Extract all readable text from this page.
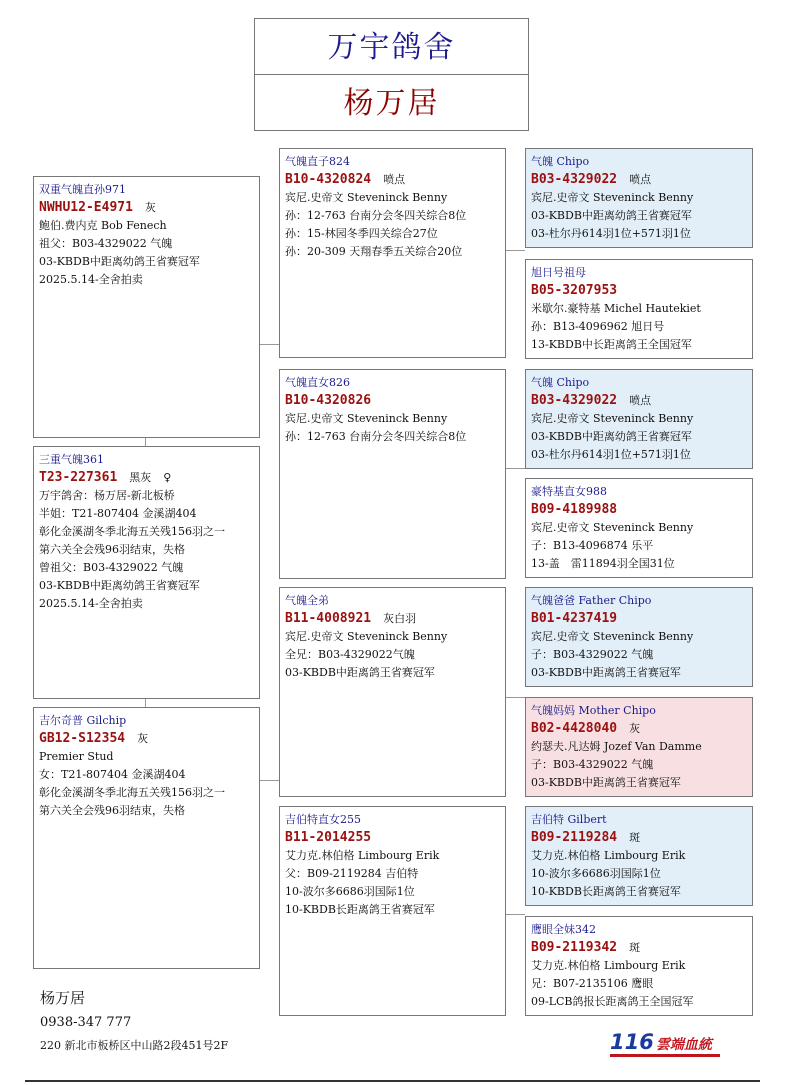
万宇鸽舍
杨万居
双重气魄直孙971
NWHU12-E4971 灰
鲍伯.费内克 Bob Fenech
祖父：B03-4329022 气魄
03-KBDB中距离幼鸽王省赛冠军
2025.5.14-全舍拍卖
三重气魄361
T23-227361 黑灰 ♀
万宇鸽舍：杨万居-新北板桥
半姐：T21-807404 金溪湖404
彰化金溪湖冬季北海五关残156羽之一
第六关全会残96羽结束，失格
曾祖父：B03-4329022 气魄
03-KBDB中距离幼鸽王省赛冠军
2025.5.14-全舍拍卖
吉尔奇普 Gilchip
GB12-S12354 灰
Premier Stud
女：T21-807404 金溪湖404
彰化金溪湖冬季北海五关残156羽之一
第六关全会残96羽结束，失格
气魄直子824
B10-4320824 喷点
宾尼.史帝文 Steveninck Benny
孙：12-763 台南分会冬四关综合8位
孙：15-林园冬季四关综合27位
孙：20-309 天翔春季五关综合20位
气魄直女826
B10-4320826
宾尼.史帝文 Steveninck Benny
孙：12-763 台南分会冬四关综合8位
气魄全弟
B11-4008921 灰白羽
宾尼.史帝文 Steveninck Benny
全兄：B03-4329022气魄
03-KBDB中距离鸽王省赛冠军
吉伯特直女255
B11-2014255
艾力克.林伯格 Limbourg Erik
父：B09-2119284 吉伯特
10-波尔多6686羽国际1位
10-KBDB长距离鸽王省赛冠军
气魄 Chipo
B03-4329022 喷点
宾尼.史帝文 Steveninck Benny
03-KBDB中距离幼鸽王省赛冠军
03-杜尔丹614羽1位+571羽1位
旭日号祖母
B05-3207953
米歇尔.豪特基 Michel Hautekiet
孙：B13-4096962 旭日号
13-KBDB中长距离鸽王全国冠军
气魄 Chipo
B03-4329022 喷点
宾尼.史帝文 Steveninck Benny
03-KBDB中距离幼鸽王省赛冠军
03-杜尔丹614羽1位+571羽1位
豪特基直女988
B09-4189988
宾尼.史帝文 Steveninck Benny
子：B13-4096874 乐平
13-盖　雷11894羽全国31位
气魄爸爸 Father Chipo
B01-4237419
宾尼.史帝文 Steveninck Benny
子：B03-4329022 气魄
03-KBDB中距离鸽王省赛冠军
气魄妈妈 Mother Chipo
B02-4428040 灰
约瑟夫.凡达姆 Jozef Van Damme
子：B03-4329022 气魄
03-KBDB中距离鸽王省赛冠军
吉伯特 Gilbert
B09-2119284 斑
艾力克.林伯格 Limbourg Erik
10-波尔多6686羽国际1位
10-KBDB长距离鸽王省赛冠军
鹰眼全妹342
B09-2119342 斑
艾力克.林伯格 Limbourg Erik
兄：B07-2135106 鹰眼
09-LCB鸽报长距离鸽王全国冠军
杨万居
0938-347 777
220 新北市板桥区中山路2段451号2F	116 雲端血統
